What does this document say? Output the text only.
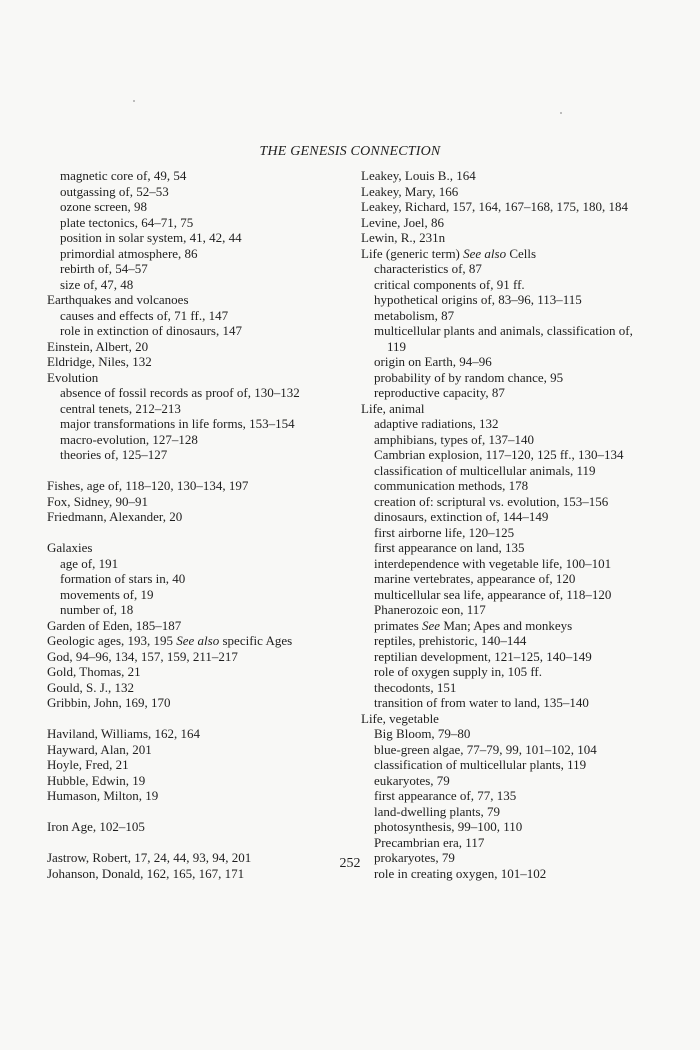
THE GENESIS CONNECTION
magnetic core of, 49, 54
outgassing of, 52–53
ozone screen, 98
plate tectonics, 64–71, 75
position in solar system, 41, 42, 44
primordial atmosphere, 86
rebirth of, 54–57
size of, 47, 48
Earthquakes and volcanoes
causes and effects of, 71 ff., 147
role in extinction of dinosaurs, 147
Einstein, Albert, 20
Eldridge, Niles, 132
Evolution
absence of fossil records as proof of, 130–132
central tenets, 212–213
major transformations in life forms, 153–154
macro-evolution, 127–128
theories of, 125–127
Fishes, age of, 118–120, 130–134, 197
Fox, Sidney, 90–91
Friedmann, Alexander, 20
Galaxies
age of, 191
formation of stars in, 40
movements of, 19
number of, 18
Garden of Eden, 185–187
Geologic ages, 193, 195 See also specific Ages
God, 94–96, 134, 157, 159, 211–217
Gold, Thomas, 21
Gould, S. J., 132
Gribbin, John, 169, 170
Haviland, Williams, 162, 164
Hayward, Alan, 201
Hoyle, Fred, 21
Hubble, Edwin, 19
Humason, Milton, 19
Iron Age, 102–105
Jastrow, Robert, 17, 24, 44, 93, 94, 201
Johanson, Donald, 162, 165, 167, 171
Leakey, Louis B., 164
Leakey, Mary, 166
Leakey, Richard, 157, 164, 167–168, 175, 180, 184
Levine, Joel, 86
Lewin, R., 231n
Life (generic term) See also Cells
characteristics of, 87
critical components of, 91 ff.
hypothetical origins of, 83–96, 113–115
metabolism, 87
multicellular plants and animals, classification of,
119
origin on Earth, 94–96
probability of by random chance, 95
reproductive capacity, 87
Life, animal
adaptive radiations, 132
amphibians, types of, 137–140
Cambrian explosion, 117–120, 125 ff., 130–134
classification of multicellular animals, 119
communication methods, 178
creation of: scriptural vs. evolution, 153–156
dinosaurs, extinction of, 144–149
first airborne life, 120–125
first appearance on land, 135
interdependence with vegetable life, 100–101
marine vertebrates, appearance of, 120
multicellular sea life, appearance of, 118–120
Phanerozoic eon, 117
primates See Man; Apes and monkeys
reptiles, prehistoric, 140–144
reptilian development, 121–125, 140–149
role of oxygen supply in, 105 ff.
thecodonts, 151
transition of from water to land, 135–140
Life, vegetable
Big Bloom, 79–80
blue-green algae, 77–79, 99, 101–102, 104
classification of multicellular plants, 119
eukaryotes, 79
first appearance of, 77, 135
land-dwelling plants, 79
photosynthesis, 99–100, 110
Precambrian era, 117
prokaryotes, 79
role in creating oxygen, 101–102
252
